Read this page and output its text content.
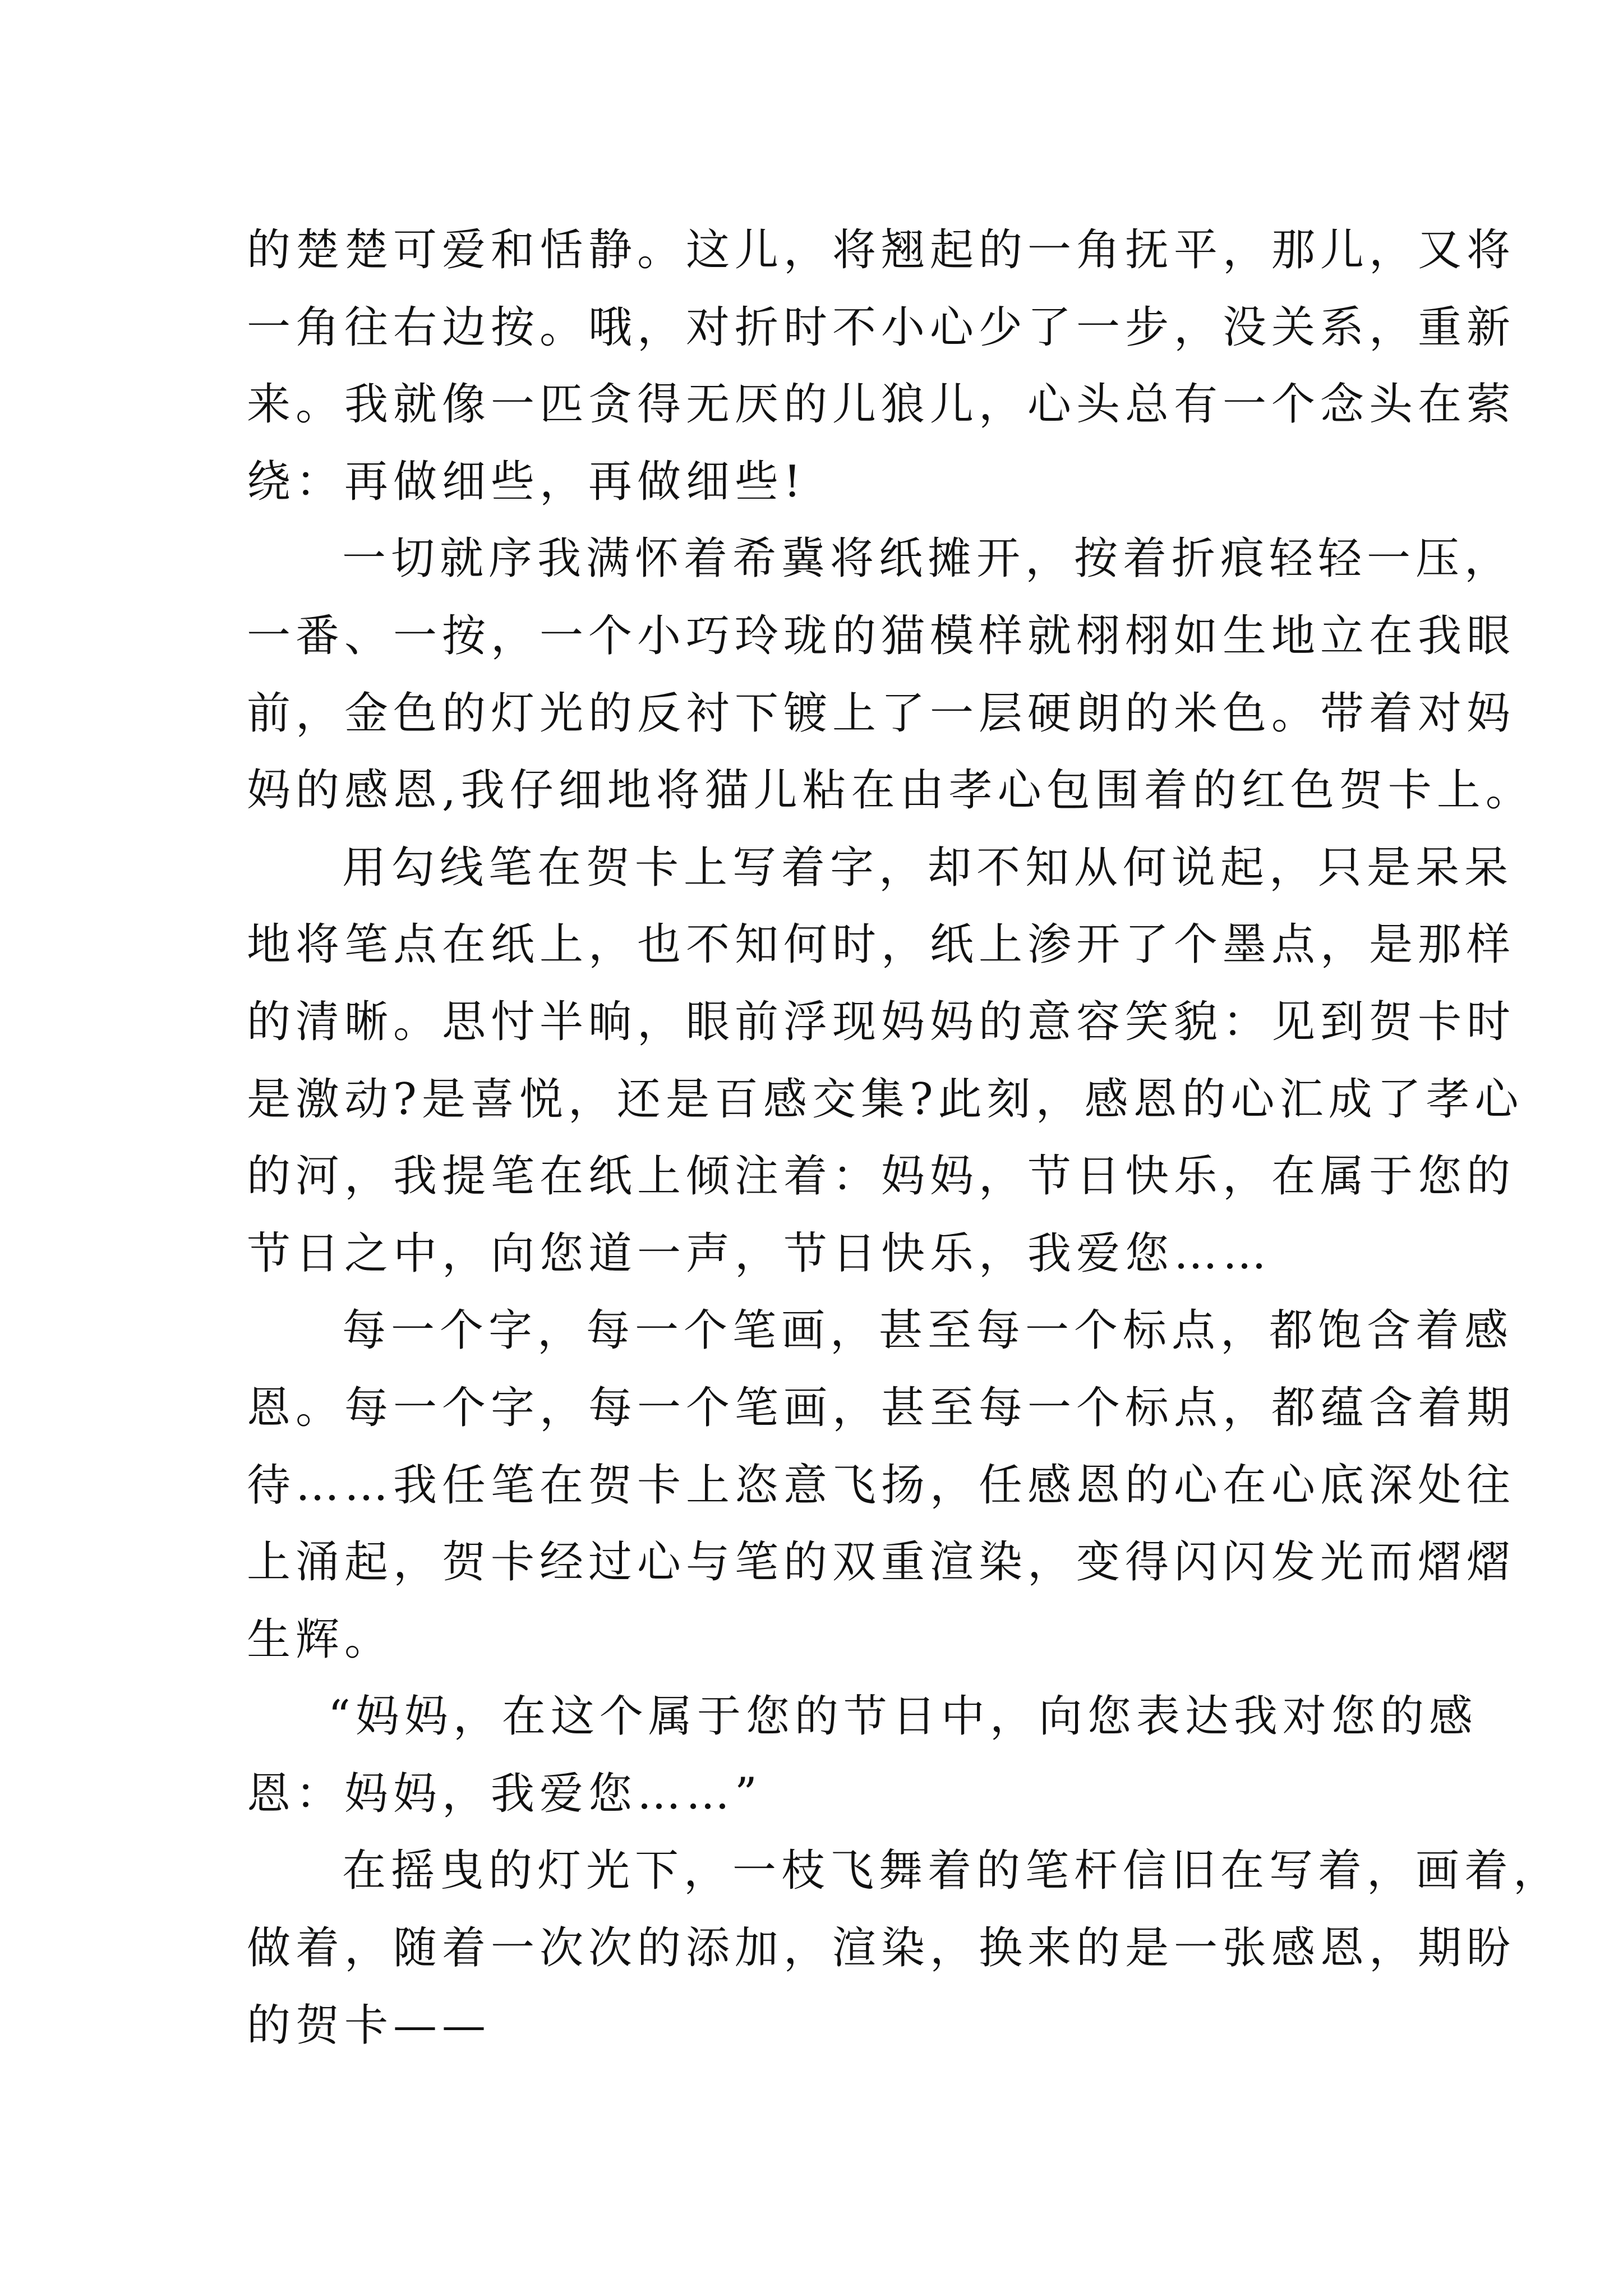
的楚楚可爱和恬静。这儿，将翘起的一角抚平，那儿，又将
一角往右边按。哦，对折时不小心少了一步，没关系，重新
来。我就像一匹贪得无厌的儿狼儿，心头总有一个念头在萦
绕：再做细些，再做细些!
一切就序我满怀着希冀将纸摊开，按着折痕轻轻一压，
一番、一按，一个小巧玲珑的猫模样就栩栩如生地立在我眼
前，金色的灯光的反衬下镀上了一层硬朗的米色。带着对妈
妈的感恩,我仔细地将猫儿粘在由孝心包围着的红色贺卡上。
用勾线笔在贺卡上写着字，却不知从何说起，只是呆呆
地将笔点在纸上，也不知何时，纸上渗开了个墨点，是那样
的清晰。思忖半晌，眼前浮现妈妈的意容笑貌：见到贺卡时
是激动?是喜悦，还是百感交集?此刻，感恩的心汇成了孝心
的河，我提笔在纸上倾注着：妈妈，节日快乐，在属于您的
节日之中，向您道一声，节日快乐，我爱您……
每一个字，每一个笔画，甚至每一个标点，都饱含着感
恩。每一个字，每一个笔画，甚至每一个标点，都蕴含着期
待……我任笔在贺卡上恣意飞扬，任感恩的心在心底深处往
上涌起，贺卡经过心与笔的双重渲染，变得闪闪发光而熠熠
生辉。
“妈妈，在这个属于您的节日中，向您表达我对您的感
恩：妈妈，我爱您……”
在摇曳的灯光下，一枝飞舞着的笔杆信旧在写着，画着，
做着，随着一次次的添加，渲染，换来的是一张感恩，期盼
的贺卡——
